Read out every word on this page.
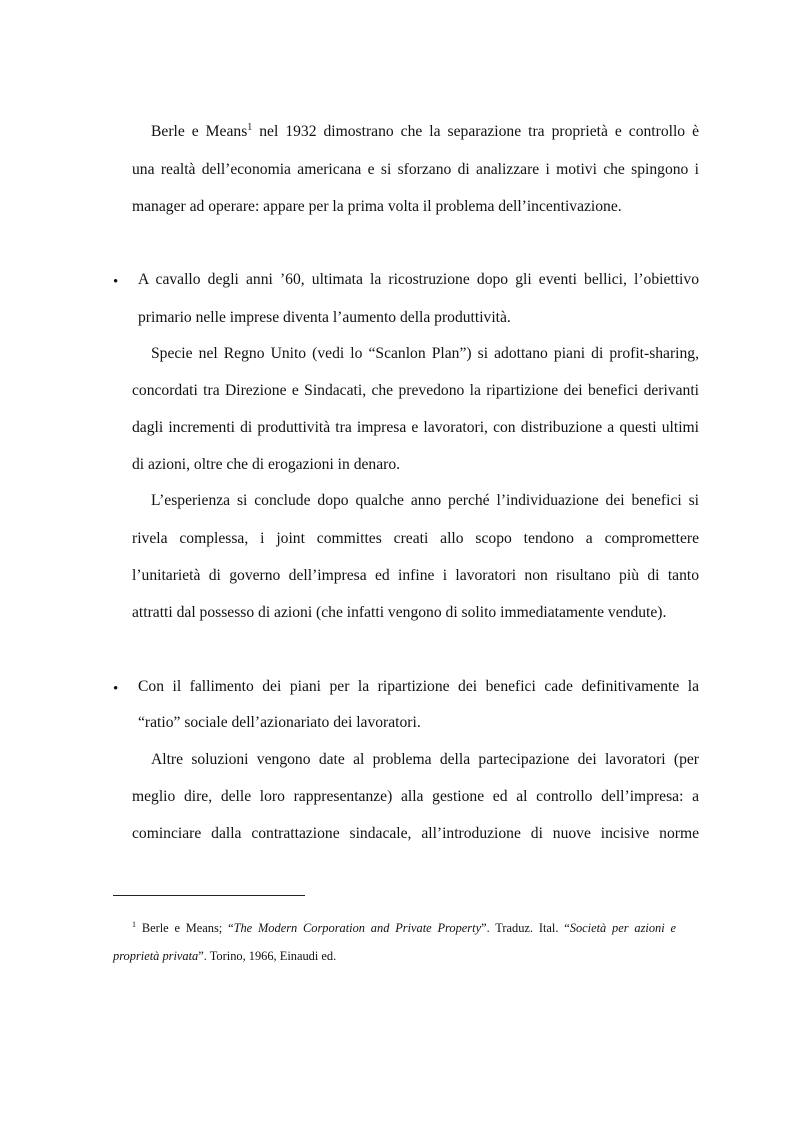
Berle e Means$^1$ nel 1932 dimostrano che la separazione tra proprietà e controllo è
una realtà dell’economia americana e si sforzano di analizzare i motivi che spingono i
manager ad operare: appare per la prima volta il problema dell’incentivazione.
• A cavallo degli anni ’60, ultimata la ricostruzione dopo gli eventi bellici, l’obiettivo
primario nelle imprese diventa l’aumento della produttività.
Specie nel Regno Unito (vedi lo “Scanlon Plan”) si adottano piani di profit-sharing,
concordati tra Direzione e Sindacati, che prevedono la ripartizione dei benefici derivanti
dagli incrementi di produttività tra impresa e lavoratori, con distribuzione a questi ultimi
di azioni, oltre che di erogazioni in denaro.
L’esperienza si conclude dopo qualche anno perché l’individuazione dei benefici si
rivela complessa, i joint committes creati allo scopo tendono a compromettere
l’unitarietà di governo dell’impresa ed infine i lavoratori non risultano più di tanto
attratti dal possesso di azioni (che infatti vengono di solito immediatamente vendute).
• Con il fallimento dei piani per la ripartizione dei benefici cade definitivamente la
“ratio” sociale dell’azionariato dei lavoratori.
Altre soluzioni vengono date al problema della partecipazione dei lavoratori (per
meglio dire, delle loro rappresentanze) alla gestione ed al controllo dell’impresa: a
cominciare dalla contrattazione sindacale, all’introduzione di nuove incisive norme
$^1$ Berle e Means; “The Modern Corporation and Private Property”. Traduz. Ital. “Società per azioni e
proprietà privata”. Torino, 1966, Einaudi ed.
